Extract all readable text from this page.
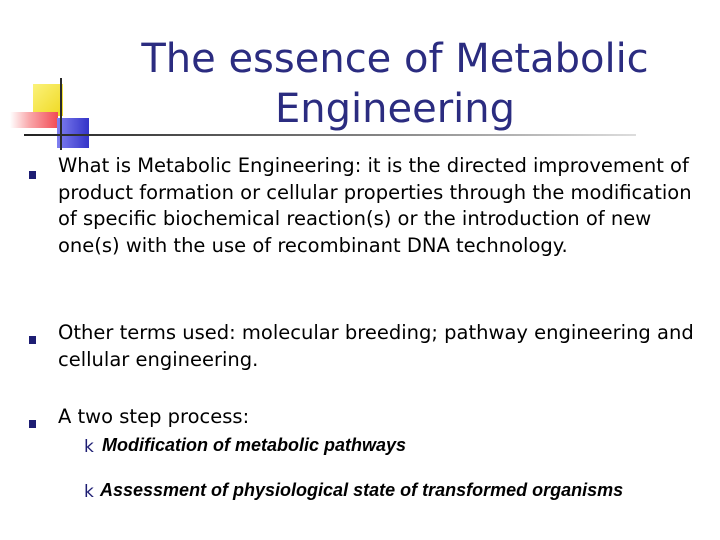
The essence of Metabolic Engineering

What is Metabolic Engineering: it is the directed improvement of product formation or cellular properties through the modification of specific biochemical reaction(s) or the introduction of new one(s) with the use of recombinant DNA technology.

Other terms used: molecular breeding; pathway engineering and cellular engineering.

A two step process:

k Modification of metabolic pathways
k Assessment of physiological state of transformed organisms
